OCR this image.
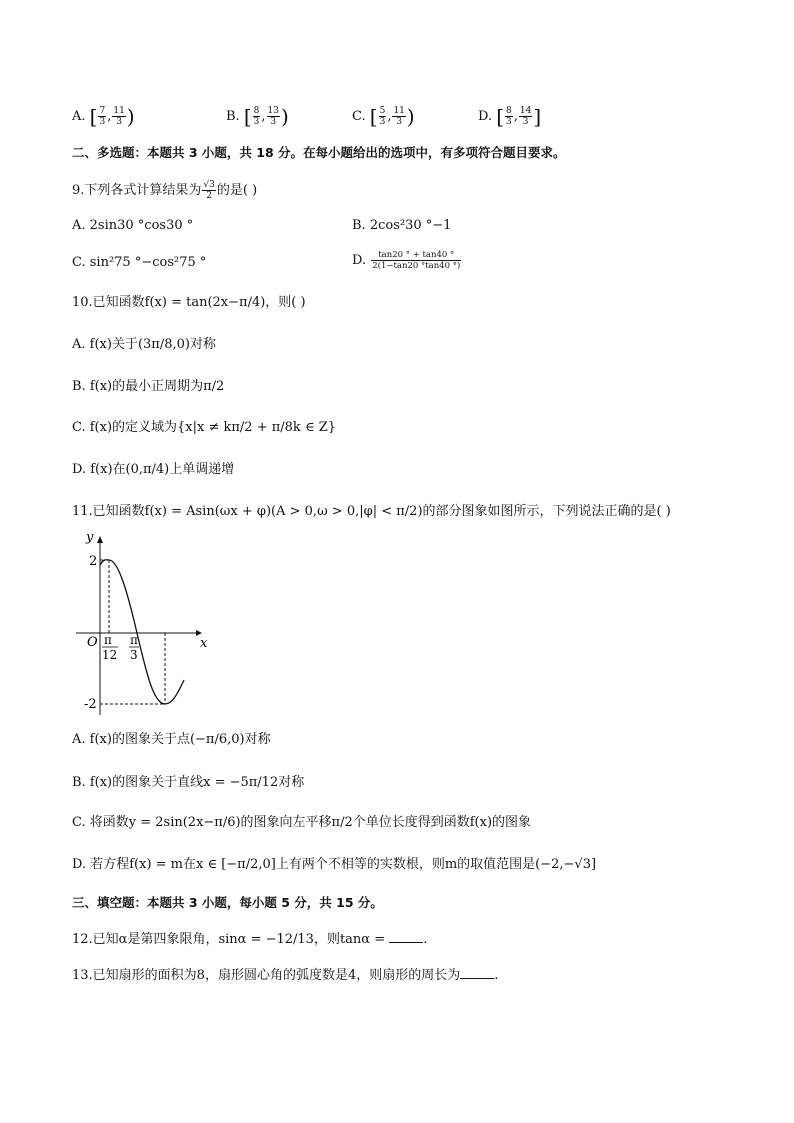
A. [ $\frac{7}{3}$ , $\frac{11}{3}$ )	B. [ $\frac{8}{3}$ , $\frac{13}{3}$ )	C. [ $\frac{5}{3}$ , $\frac{11}{3}$ )	D. [ $\frac{8}{3}$ , $\frac{14}{3}$ ]
二、多选题：本题共 3 小题，共 18 分。在每小题给出的选项中，有多项符合题目要求。
9.下列各式计算结果为 $\frac{√3}{2}$ 的是( )
A. 2sin30 °cos30 °	B. 2cos²30 °−1
C. sin²75 °−cos²75 °	D. $\frac{\tan 20 ^\circ + \tan 40 ^\circ}{2(1-\tan 20 ^\circ\tan 40 ^\circ)}$
10.已知函数f(x) = tan(2x−π/4)，则( )
A. f(x)关于(3π/8,0)对称
B. f(x)的最小正周期为π/2
C. f(x)的定义域为{x|x ≠ kπ/2 + π/8k ∈ Z}
D. f(x)在(0,π/4)上单调递增
11.已知函数f(x) = Asin(ωx + φ)(A > 0,ω > 0,|φ| < π/2)的部分图象如图所示，下列说法正确的是( )
y
x
O
2
-2
π
12
π
3
A. f(x)的图象关于点(−π/6,0)对称
B. f(x)的图象关于直线x = −5π/12对称
C. 将函数y = 2sin(2x−π/6)的图象向左平移π/2个单位长度得到函数f(x)的图象
D. 若方程f(x) = m在x ∈ [−π/2,0]上有两个不相等的实数根，则m的取值范围是(−2,−√3]
三、填空题：本题共 3 小题，每小题 5 分，共 15 分。
12.已知α是第四象限角，sinα = −12/13，则tanα =	.
13.已知扇形的面积为8，扇形圆心角的弧度数是4，则扇形的周长为	.
